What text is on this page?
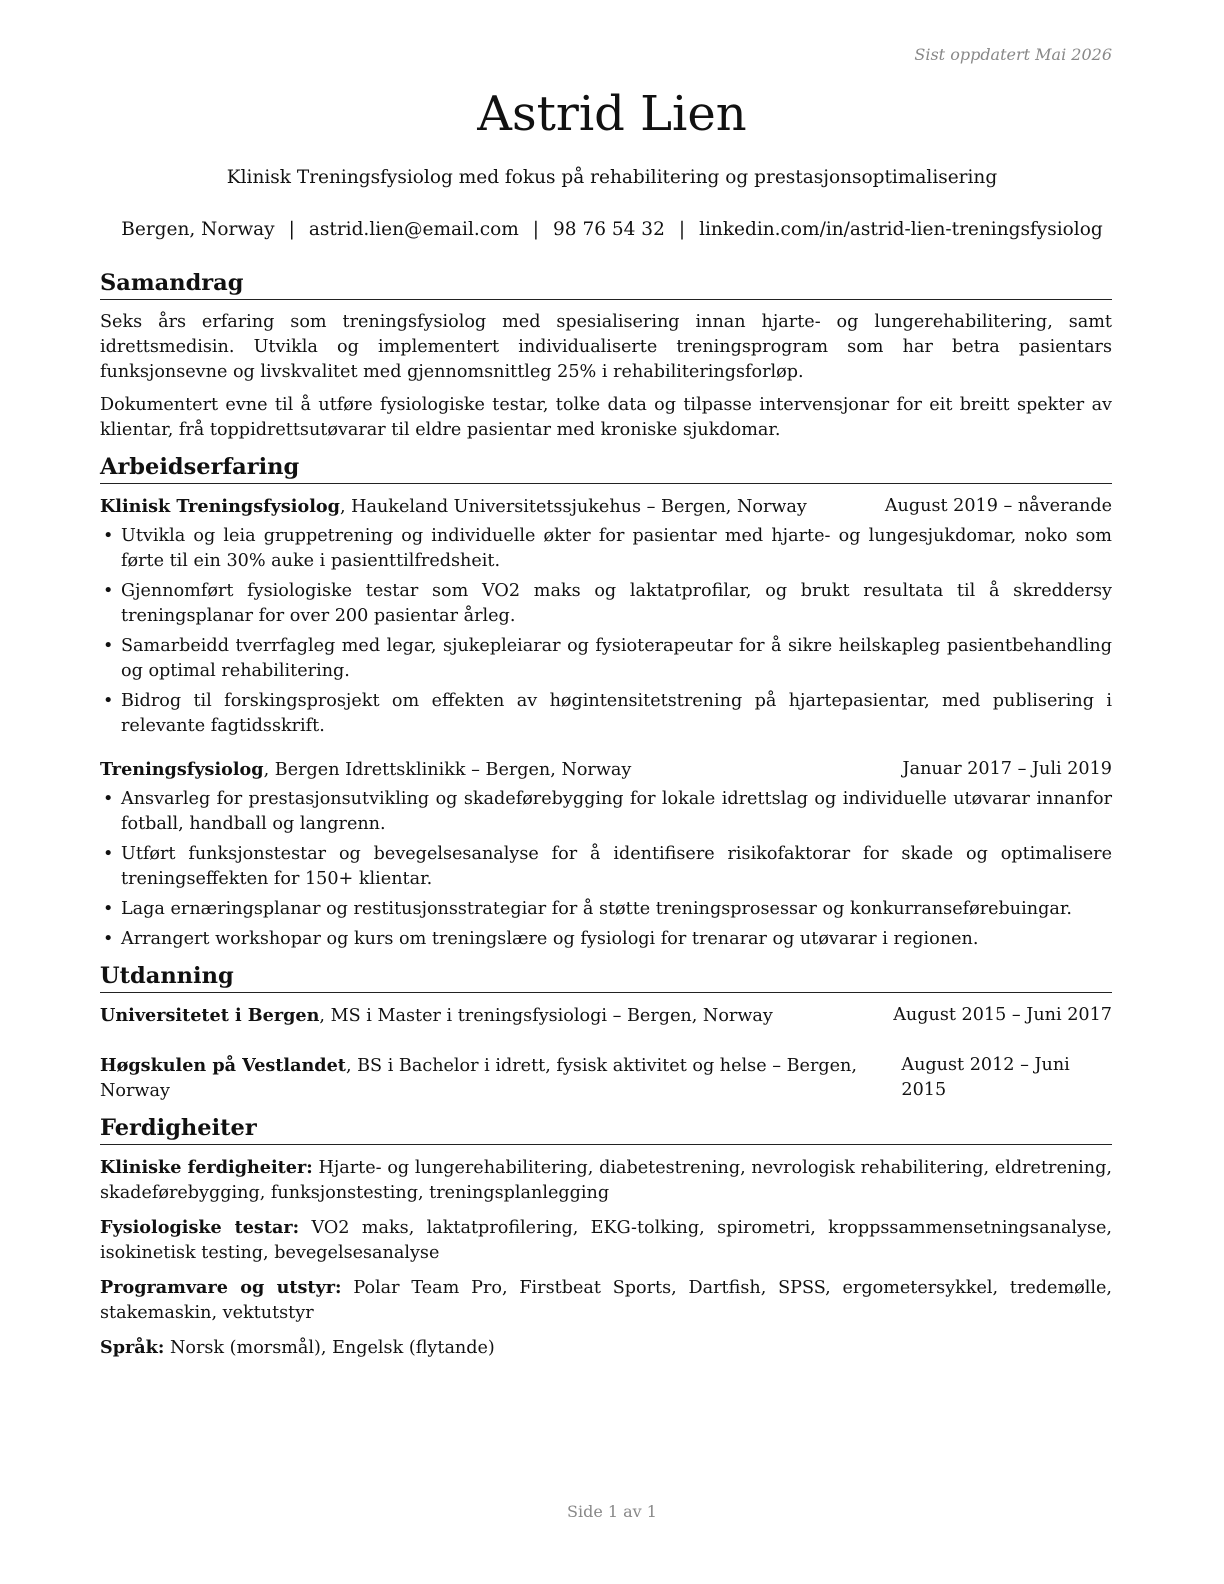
Sist oppdatert Mai 2026
Astrid Lien
Klinisk Treningsfysiolog med fokus på rehabilitering og prestasjonsoptimalisering
Bergen, Norway | astrid.lien@email.com | 98 76 54 32 | linkedin.com/in/astrid-lien-treningsfysiolog
Samandrag

Seks års erfaring som treningsfysiolog med spesialisering innan hjarte- og lungerehabilitering, samt idrettsmedisin. Utvikla og implementert individualiserte treningsprogram som har betra pasientars funksjonsevne og livskvalitet med gjennomsnittleg 25% i rehabiliteringsforløp.

Dokumentert evne til å utføre fysiologiske testar, tolke data og tilpasse intervensjonar for eit breitt spekter av klientar, frå toppidrettsutøvarar til eldre pasientar med kroniske sjukdomar.

Arbeidserfaring
Klinisk Treningsfysiolog, Haukeland Universitetssjukehus – Bergen, Norway	August 2019 – nåverande
• Utvikla og leia gruppetrening og individuelle økter for pasientar med hjarte- og lungesjukdomar, noko som førte til ein 30% auke i pasienttilfredsheit.
• Gjennomført fysiologiske testar som VO2 maks og laktatprofilar, og brukt resultata til å skreddersy treningsplanar for over 200 pasientar årleg.
• Samarbeidd tverrfagleg med legar, sjukepleiarar og fysioterapeutar for å sikre heilskapleg pasientbehandling og optimal rehabilitering.
• Bidrog til forskingsprosjekt om effekten av høgintensitetstrening på hjartepasientar, med publisering i relevante fagtidsskrift.
Treningsfysiolog, Bergen Idrettsklinikk – Bergen, Norway	Januar 2017 – Juli 2019
• Ansvarleg for prestasjonsutvikling og skadeførebygging for lokale idrettslag og individuelle utøvarar innanfor fotball, handball og langrenn.
• Utført funksjonstestar og bevegelsesanalyse for å identifisere risikofaktorar for skade og optimalisere treningseffekten for 150+ klientar.
• Laga ernæringsplanar og restitusjonsstrategiar for å støtte treningsprosessar og konkurranseførebuingar.
• Arrangert workshopar og kurs om treningslære og fysiologi for trenarar og utøvarar i regionen.
Utdanning
Universitetet i Bergen, MS i Master i treningsfysiologi – Bergen, Norway	August 2015 – Juni 2017
Høgskulen på Vestlandet, BS i Bachelor i idrett, fysisk aktivitet og helse – Bergen, Norway
August 2012 – Juni 2015
Ferdigheiter

Kliniske ferdigheiter: Hjarte- og lungerehabilitering, diabetestrening, nevrologisk rehabilitering, eldretrening, skadeførebygging, funksjonstesting, treningsplanlegging

Fysiologiske testar: VO2 maks, laktatprofilering, EKG-tolking, spirometri, kroppssammensetningsanalyse, isokinetisk testing, bevegelsesanalyse

Programvare og utstyr: Polar Team Pro, Firstbeat Sports, Dartfish, SPSS, ergometersykkel, tredemølle, stakemaskin, vektutstyr

Språk: Norsk (morsmål), Engelsk (flytande)

Side 1 av 1
